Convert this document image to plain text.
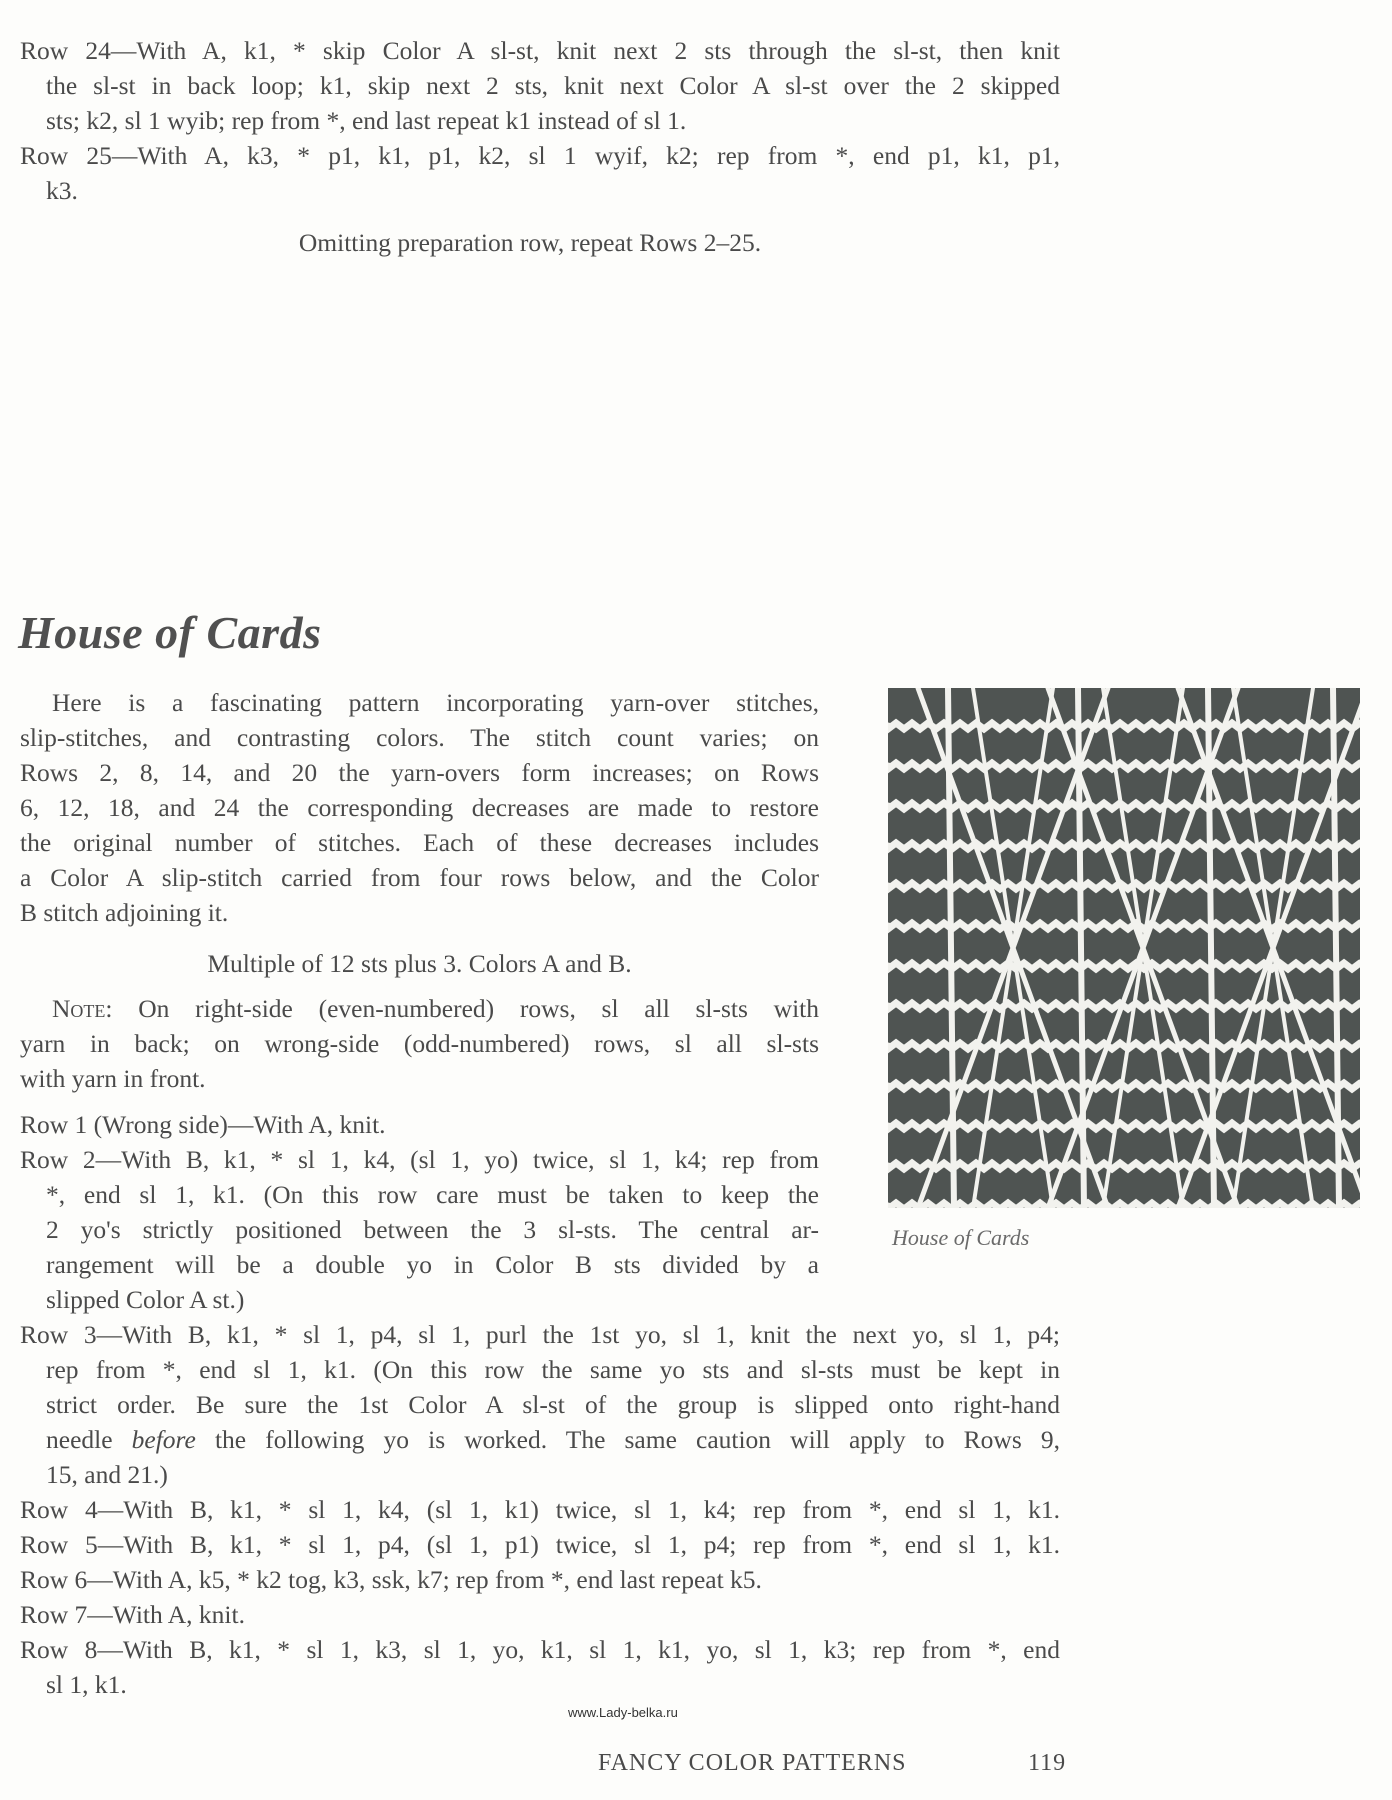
Row 24—With A, k1, * skip Color A sl-st, knit next 2 sts through the sl-st, then knit
the sl-st in back loop; k1, skip next 2 sts, knit next Color A sl-st over the 2 skipped
sts; k2, sl 1 wyib; rep from *, end last repeat k1 instead of sl 1.
Row 25—With A, k3, * p1, k1, p1, k2, sl 1 wyif, k2; rep from *, end p1, k1, p1,
k3.
Omitting preparation row, repeat Rows 2–25.
House of Cards
Here is a fascinating pattern incorporating yarn-over stitches,
slip-stitches, and contrasting colors. The stitch count varies; on
Rows 2, 8, 14, and 20 the yarn-overs form increases; on Rows
6, 12, 18, and 24 the corresponding decreases are made to restore
the original number of stitches. Each of these decreases includes
a Color A slip-stitch carried from four rows below, and the Color
B stitch adjoining it.
Multiple of 12 sts plus 3. Colors A and B.
Note: On right-side (even-numbered) rows, sl all sl-sts with
yarn in back; on wrong-side (odd-numbered) rows, sl all sl-sts
with yarn in front.
Row 1 (Wrong side)—With A, knit.
Row 2—With B, k1, * sl 1, k4, (sl 1, yo) twice, sl 1, k4; rep from
*, end sl 1, k1. (On this row care must be taken to keep the
2 yo's strictly positioned between the 3 sl-sts. The central ar-
rangement will be a double yo in Color B sts divided by a
slipped Color A st.)
Row 3—With B, k1, * sl 1, p4, sl 1, purl the 1st yo, sl 1, knit the next yo, sl 1, p4;
rep from *, end sl 1, k1. (On this row the same yo sts and sl-sts must be kept in
strict order. Be sure the 1st Color A sl-st of the group is slipped onto right-hand
needle before the following yo is worked. The same caution will apply to Rows 9,
15, and 21.)
Row 4—With B, k1, * sl 1, k4, (sl 1, k1) twice, sl 1, k4; rep from *, end sl 1, k1.
Row 5—With B, k1, * sl 1, p4, (sl 1, p1) twice, sl 1, p4; rep from *, end sl 1, k1.
Row 6—With A, k5, * k2 tog, k3, ssk, k7; rep from *, end last repeat k5.
Row 7—With A, knit.
Row 8—With B, k1, * sl 1, k3, sl 1, yo, k1, sl 1, k1, yo, sl 1, k3; rep from *, end
sl 1, k1.
House of Cards
www.Lady-belka.ru
FANCY COLOR PATTERNS	119
